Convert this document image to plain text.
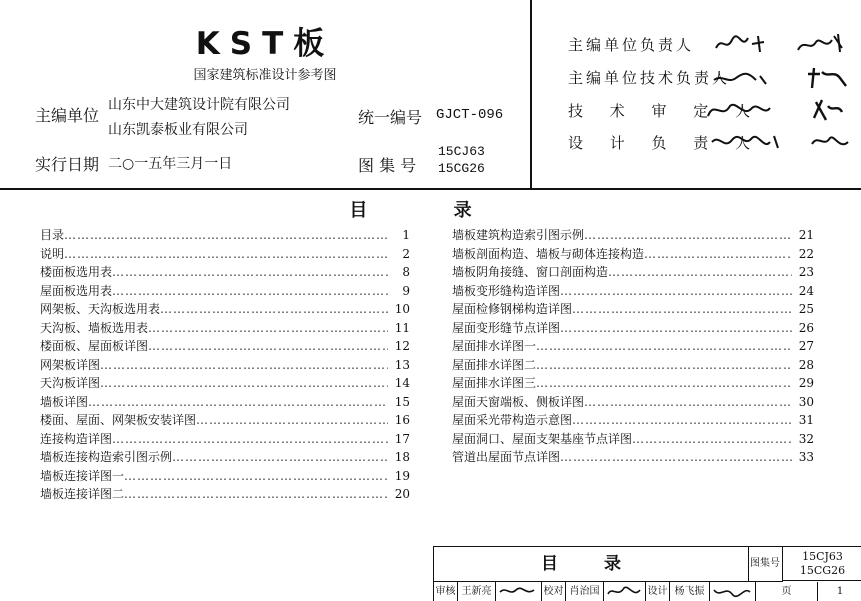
KST板
国家建筑标准设计参考图
主编单位
山东中大建筑设计院有限公司
山东凯泰板业有限公司
实行日期 二○一五年三月一日
统一编号 GJCT-096
图 集 号
15CJ63
15CG26
主编单位负责人
主编单位技术负责人
技 术 审 定 人
设 计 负 责 人
目 录
目录 ……………………………………………………………………………………………………………………………………………	1
说明 ……………………………………………………………………………………………………………………………………………	2
楼面板选用表 ……………………………………………………………………………………………………………………………………………	8
屋面板选用表 ……………………………………………………………………………………………………………………………………………	9
网架板、天沟板选用表 ……………………………………………………………………………………………………………………………………………	10
天沟板、墙板选用表 ……………………………………………………………………………………………………………………………………………	11
楼面板、屋面板详图 ……………………………………………………………………………………………………………………………………………	12
网架板详图 ……………………………………………………………………………………………………………………………………………	13
天沟板详图 ……………………………………………………………………………………………………………………………………………	14
墙板详图 ……………………………………………………………………………………………………………………………………………	15
楼面、屋面、网架板安装详图 ……………………………………………………………………………………………………………………………………………	16
连接构造详图 ……………………………………………………………………………………………………………………………………………	17
墙板连接构造索引图示例 ……………………………………………………………………………………………………………………………………………	18
墙板连接详图一 ……………………………………………………………………………………………………………………………………………	19
墙板连接详图二 ……………………………………………………………………………………………………………………………………………	20
墙板建筑构造索引图示例 ……………………………………………………………………………………………………………………………………………	21
墙板剖面构造、墙板与砌体连接构造 ……………………………………………………………………………………………………………………………………………	22
墙板阴角接缝、窗口剖面构造 ……………………………………………………………………………………………………………………………………………	23
墙板变形缝构造详图 ……………………………………………………………………………………………………………………………………………	24
屋面检修钢梯构造详图 ……………………………………………………………………………………………………………………………………………	25
屋面变形缝节点详图 ……………………………………………………………………………………………………………………………………………	26
屋面排水详图一 ……………………………………………………………………………………………………………………………………………	27
屋面排水详图二 ……………………………………………………………………………………………………………………………………………	28
屋面排水详图三 ……………………………………………………………………………………………………………………………………………	29
屋面天窗端板、侧板详图 ……………………………………………………………………………………………………………………………………………	30
屋面采光带构造示意图 ……………………………………………………………………………………………………………………………………………	31
屋面洞口、屋面支架基座节点详图 ……………………………………………………………………………………………………………………………………………	32
管道出屋面节点详图 ……………………………………………………………………………………………………………………………………………	33
目 录	图集号
15CJ63
15CG26
审核 王新亮	校对 肖治国	设计 杨飞振	页	1
